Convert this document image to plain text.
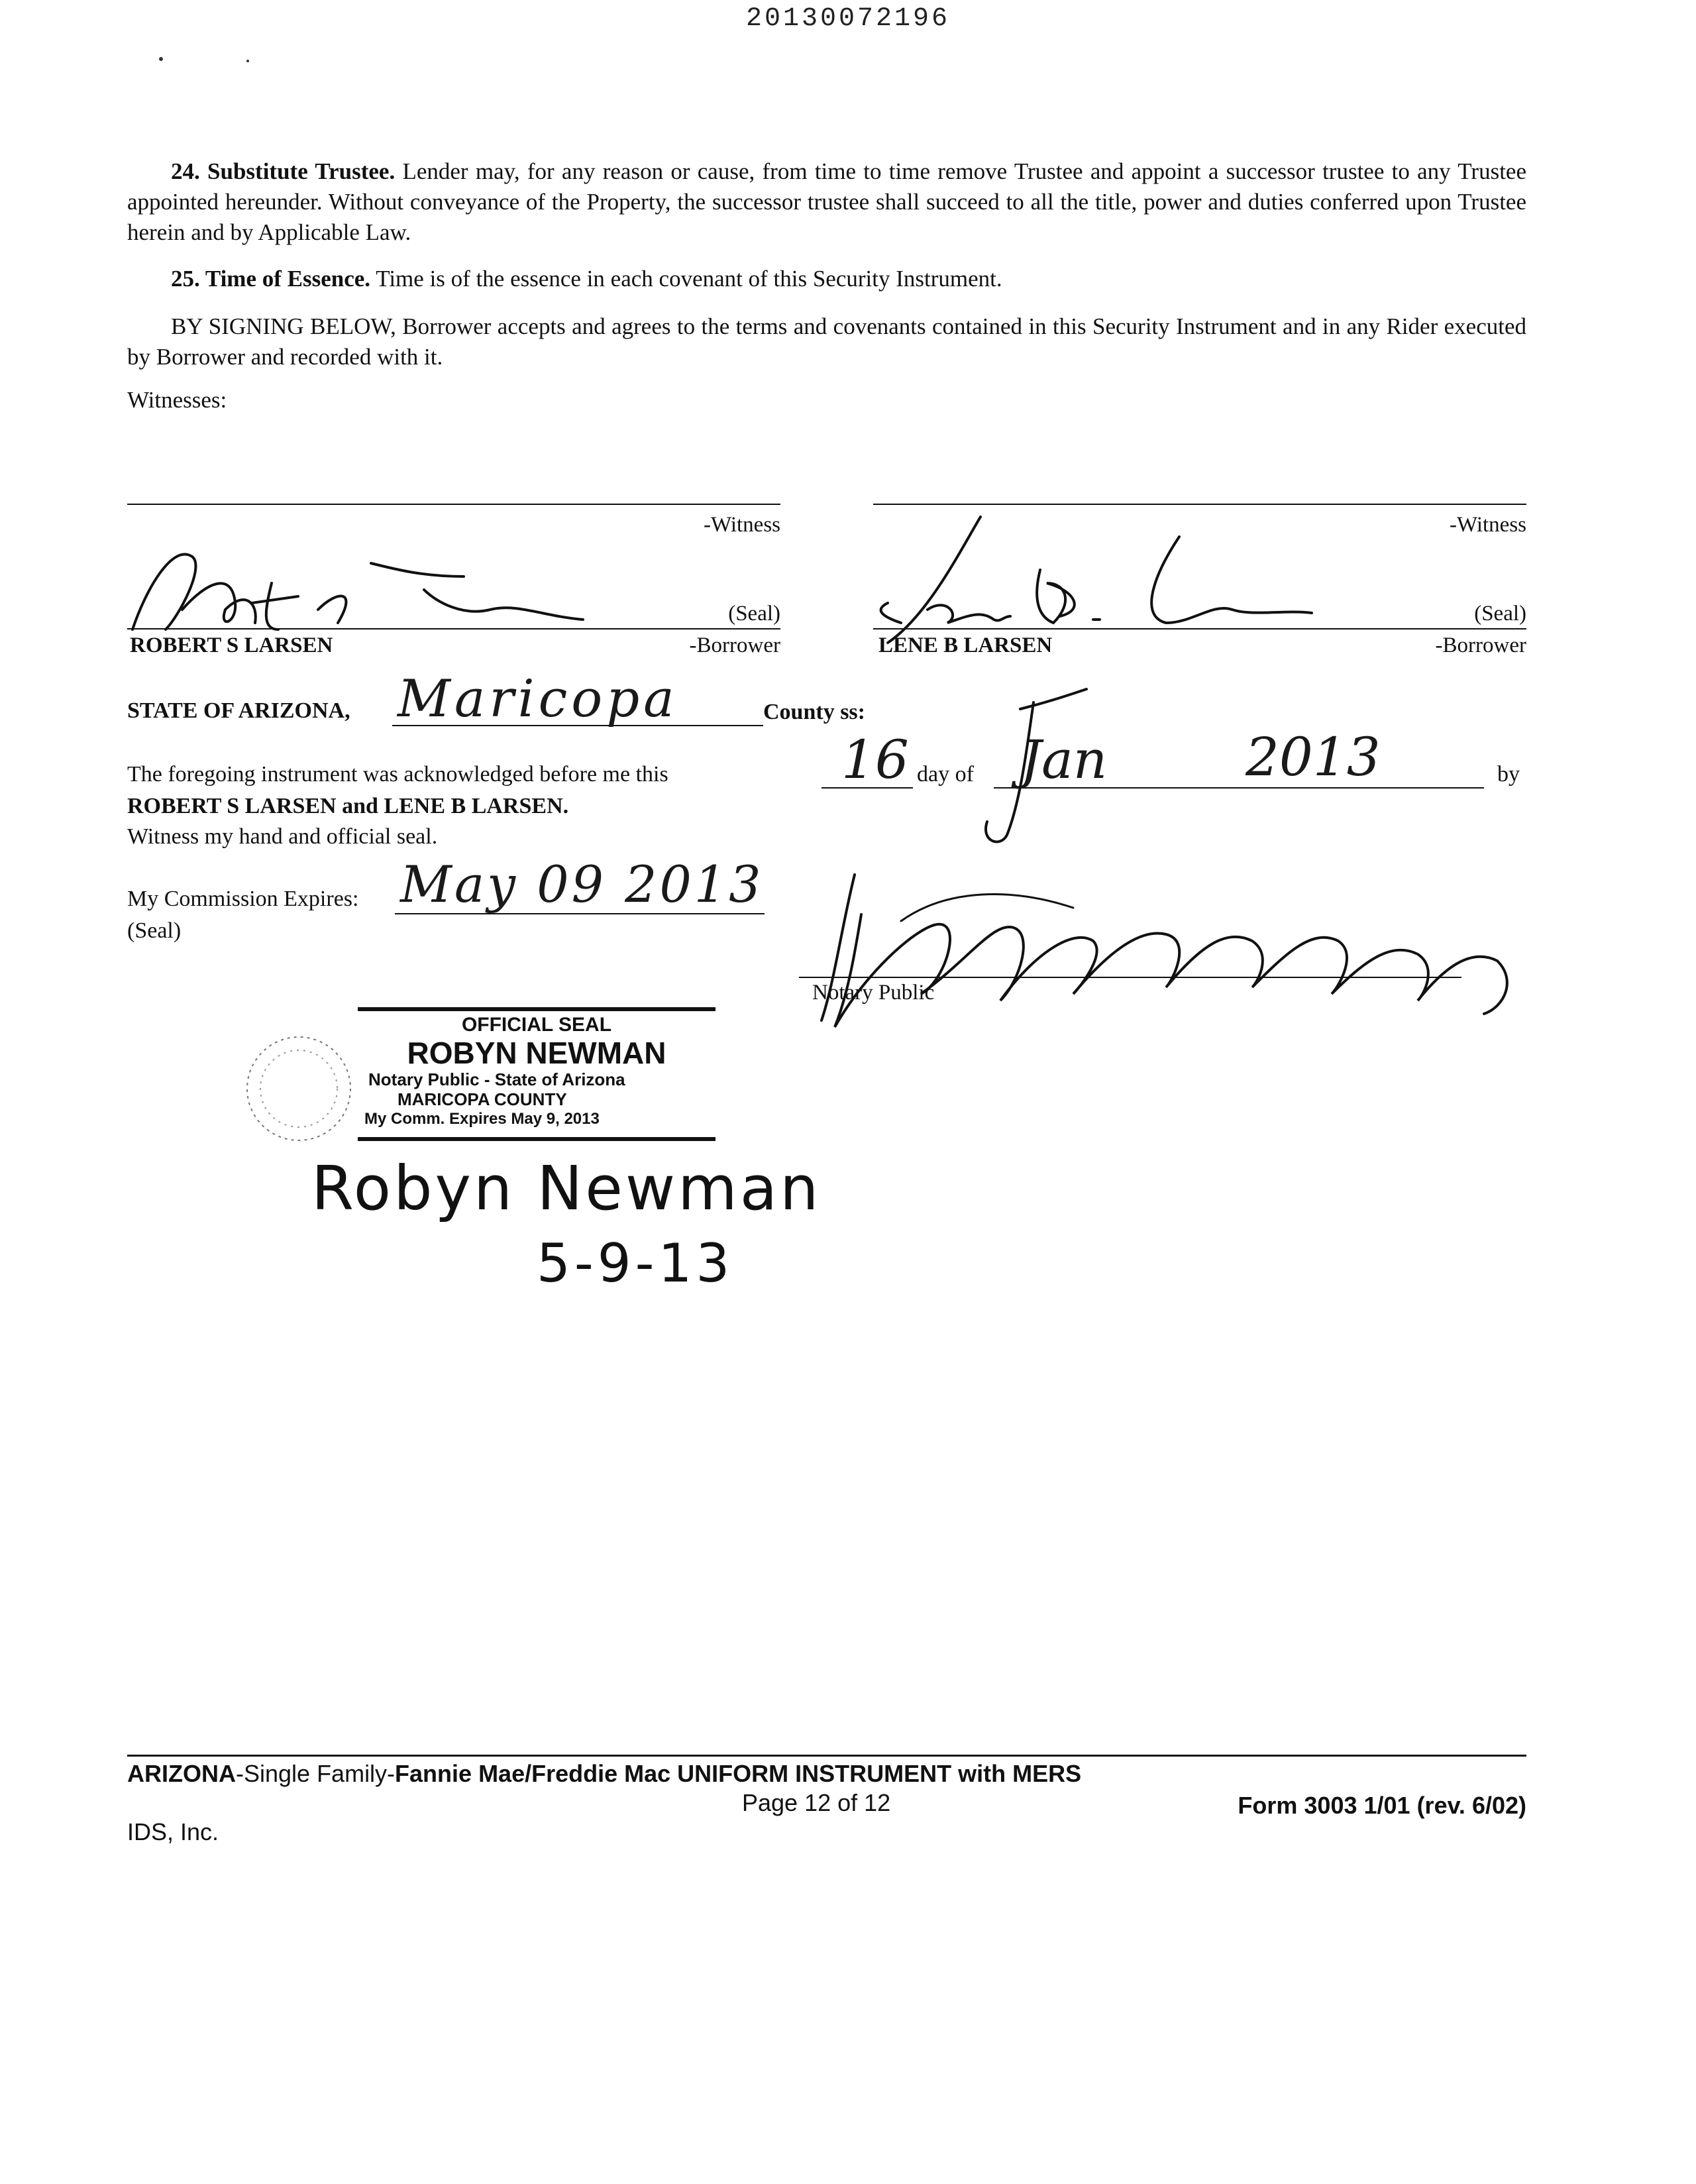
20130072196
24. Substitute Trustee. Lender may, for any reason or cause, from time to time remove Trustee and appoint a successor trustee to any Trustee appointed hereunder. Without conveyance of the Property, the successor trustee shall succeed to all the title, power and duties conferred upon Trustee herein and by Applicable Law.
25. Time of Essence. Time is of the essence in each covenant of this Security Instrument.
BY SIGNING BELOW, Borrower accepts and agrees to the terms and covenants contained in this Security Instrument and in any Rider executed by Borrower and recorded with it.
Witnesses:
-Witness	-Witness
(Seal)	(Seal)
ROBERT S LARSEN	LENE B LARSEN
-Borrower	-Borrower
STATE OF ARIZONA, Maricopa	County ss:
The foregoing instrument was acknowledged before me this	16 day of Jan	2013	by
ROBERT S LARSEN and LENE B LARSEN.
Witness my hand and official seal.
My Commission Expires: May 09 2013
(Seal)
Notary Public
OFFICIAL SEAL
ROBYN NEWMAN
Notary Public - State of Arizona
MARICOPA COUNTY
My Comm. Expires May 9, 2013
Robyn Newman
5-9-13
ARIZONA-Single Family-Fannie Mae/Freddie Mac UNIFORM INSTRUMENT with MERS
Page 12 of 12	Form 3003 1/01 (rev. 6/02)
IDS, Inc.
